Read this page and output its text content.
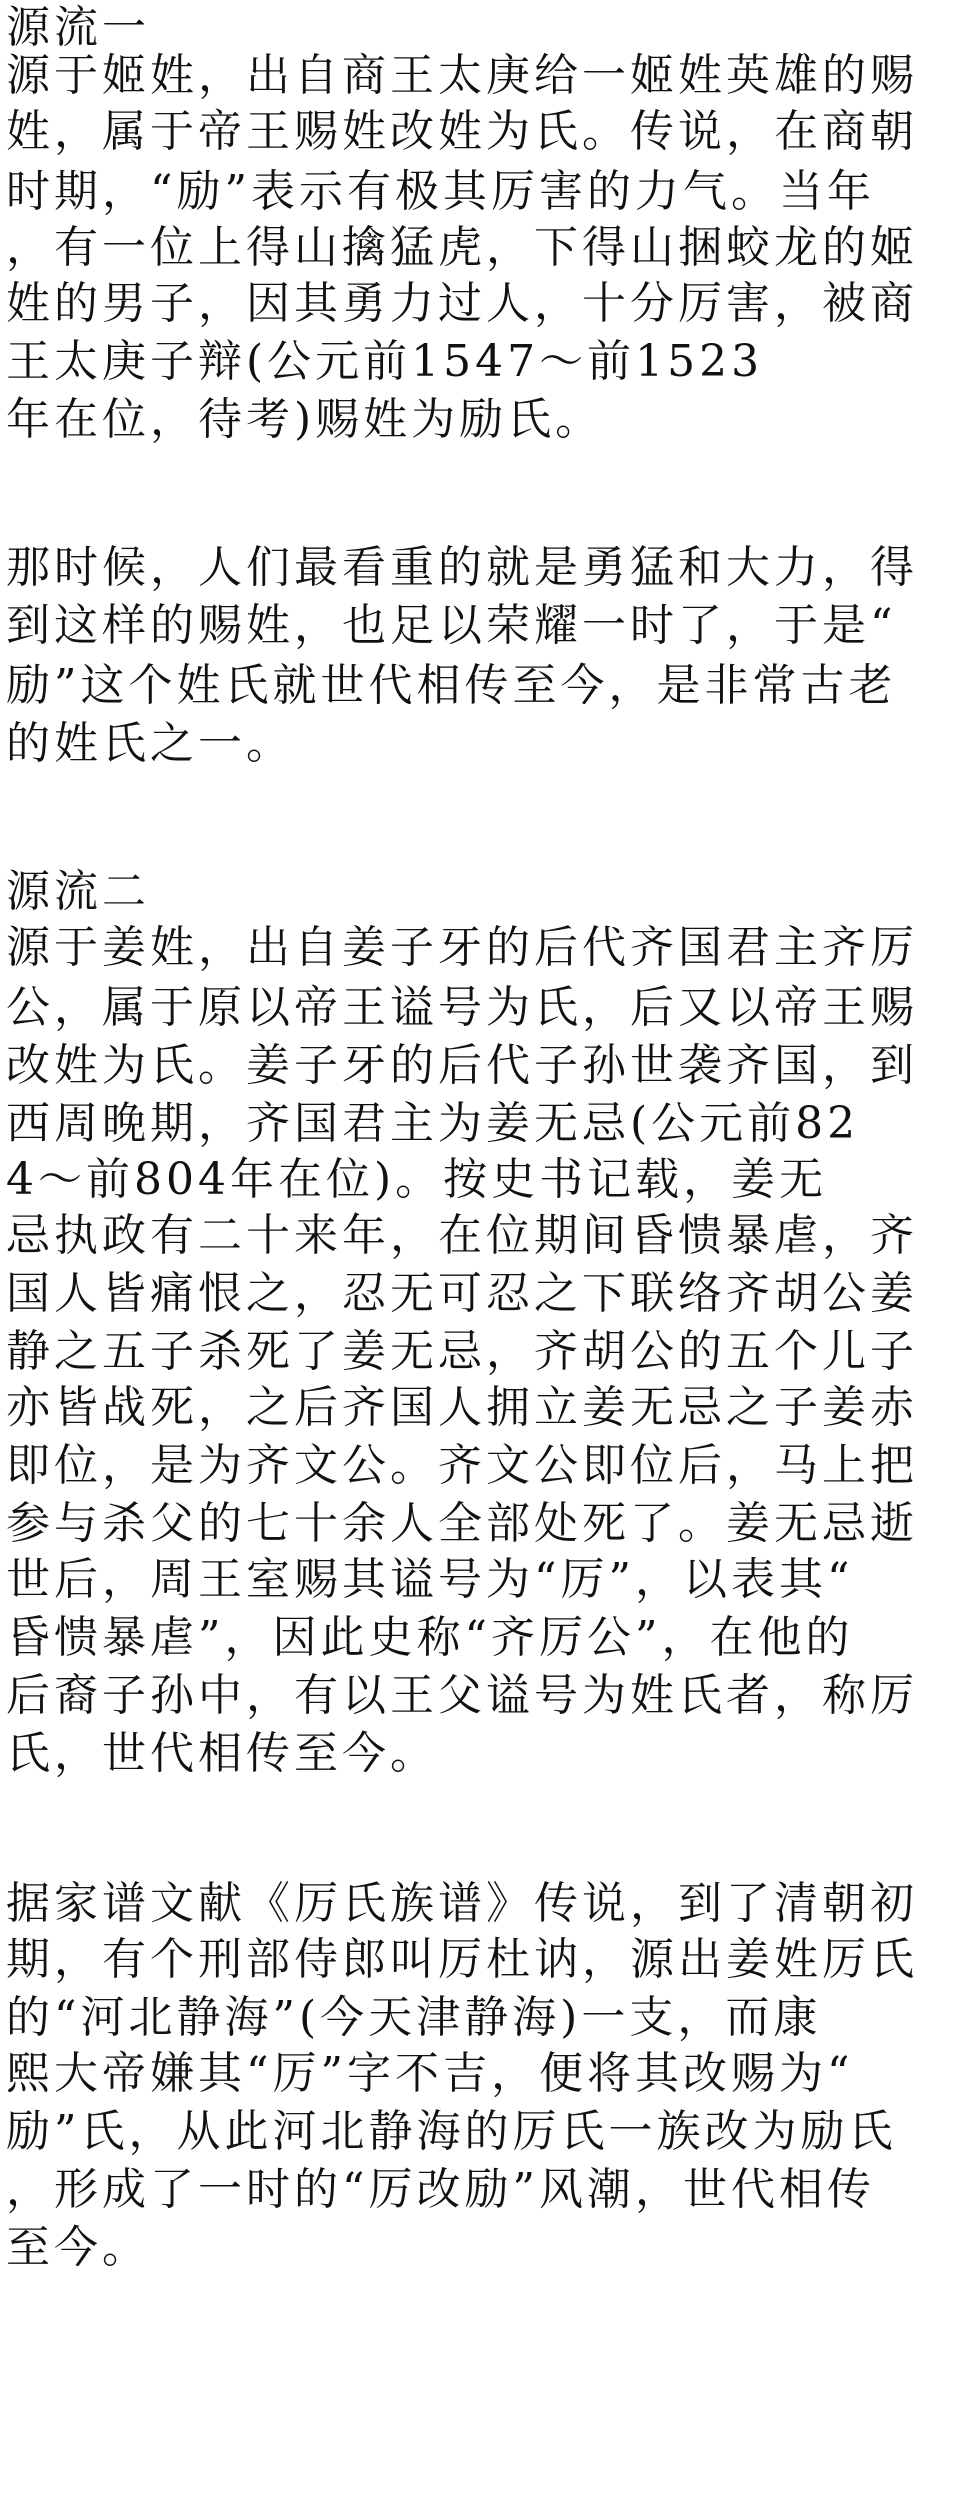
源流一
源于姬姓，出自商王太庚给一姬姓英雄的赐
姓，属于帝王赐姓改姓为氏。传说，在商朝
时期，“励”表示有极其厉害的力气。当年
，有一位上得山擒猛虎，下得山捆蛟龙的姬
姓的男子，因其勇力过人，十分厉害，被商
王太庚子辩(公元前1547～前1523
年在位，待考)赐姓为励氏。
那时候，人们最看重的就是勇猛和大力，得
到这样的赐姓，也足以荣耀一时了，于是“
励”这个姓氏就世代相传至今，是非常古老
的姓氏之一。
源流二
源于姜姓，出自姜子牙的后代齐国君主齐厉
公，属于原以帝王谥号为氏，后又以帝王赐
改姓为氏。姜子牙的后代子孙世袭齐国，到
西周晚期，齐国君主为姜无忌(公元前82
4～前804年在位)。按史书记载，姜无
忌执政有二十来年，在位期间昏愦暴虐，齐
国人皆痛恨之，忍无可忍之下联络齐胡公姜
静之五子杀死了姜无忌，齐胡公的五个儿子
亦皆战死，之后齐国人拥立姜无忌之子姜赤
即位，是为齐文公。齐文公即位后，马上把
参与杀父的七十余人全部处死了。姜无忌逝
世后，周王室赐其谥号为“厉”，以表其“
昏愦暴虐”，因此史称“齐厉公”，在他的
后裔子孙中，有以王父谥号为姓氏者，称厉
氏，世代相传至今。
据家谱文献《厉氏族谱》传说，到了清朝初
期，有个刑部侍郎叫厉杜讷，源出姜姓厉氏
的“河北静海”(今天津静海)一支，而康
熙大帝嫌其“厉”字不吉，便将其改赐为“
励”氏，从此河北静海的厉氏一族改为励氏
，形成了一时的“厉改励”风潮，世代相传
至今。
